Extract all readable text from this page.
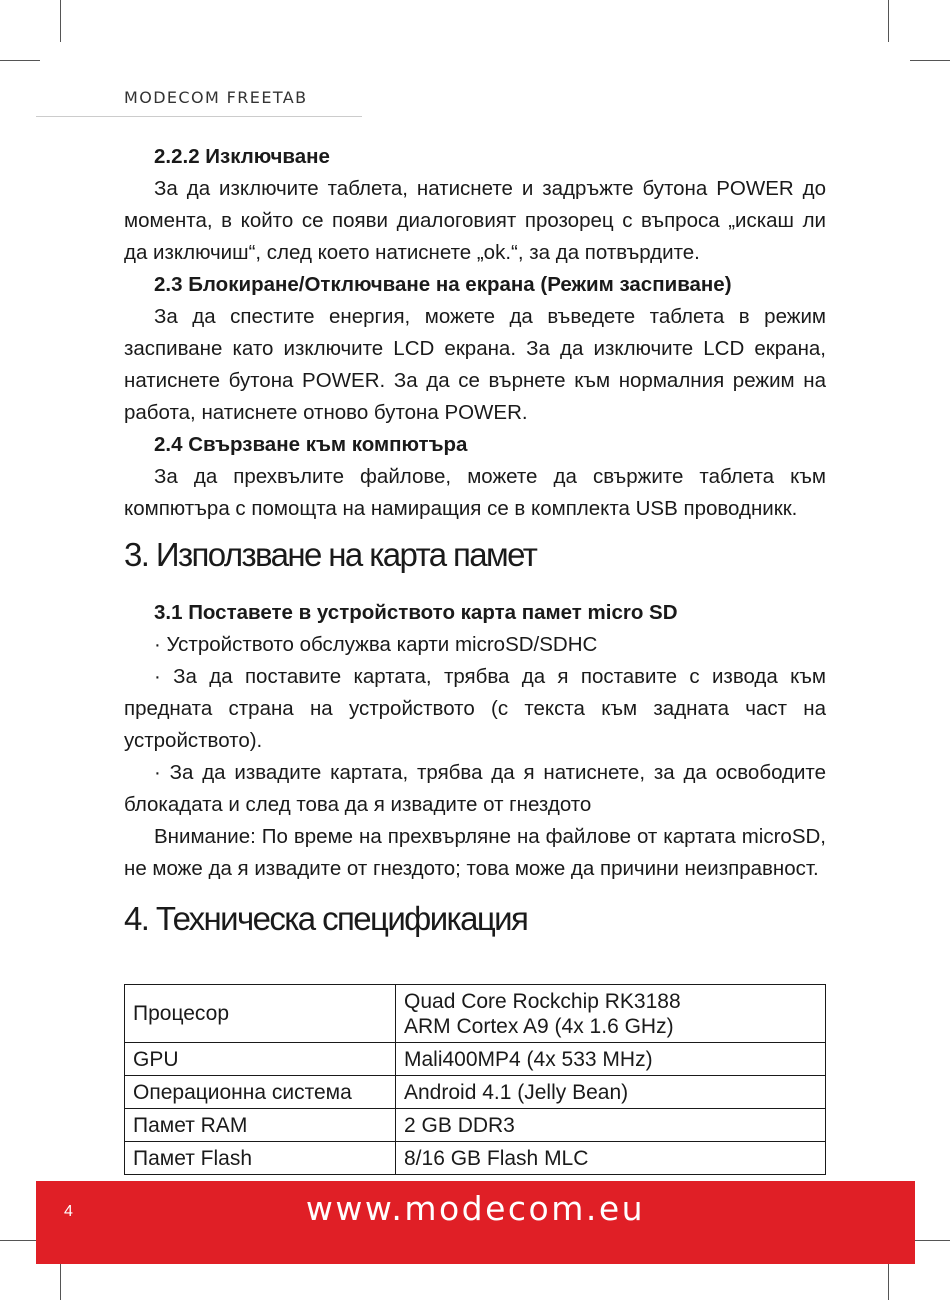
MODECOM FREETAB
2.2.2 Изключване

За да изключите таблета, натиснете и задръжте бутона POWER до момента, в който се появи диалоговият прозорец с въпроса „искаш ли да изключиш“, след което натиснете „ok.“, за да потвърдите.

2.3 Блокиране/Отключване на екрана (Режим заспиване)

За да спестите енергия, можете да въведете таблета в режим заспиване като изключите LCD екрана. За да изключите LCD екрана, натиснете бутона POWER. За да се върнете към нормалния режим на работа, натиснете отново бутона POWER.

2.4 Свързване към компютъра

За да прехвълите файлове, можете да свържите таблета към компютъра с помощта на намиращия се в комплекта USB проводникк.

3. Използване на карта памет
3.1 Поставете в устройството карта памет micro SD

· Устройството обслужва карти microSD/SDHC

· За да поставите картата, трябва да я поставите с извода към предната страна на устройството (с текста към задната част на устройството).

· За да извадите картата, трябва да я натиснете, за да освободите блокадата и след това да я извадите от гнездото

Внимание: По време на прехвърляне на файлове от картата microSD, не може да я извадите от гнездото; това може да причини неизправност.

4. Техническа спецификация
Процесор	Quad Core Rockchip RK3188
ARM Cortex A9 (4x 1.6 GHz)

GPU	Mali400MP4 (4x 533 MHz)
Операционна система	Android 4.1 (Jelly Bean)
Памет RAM	2 GB DDR3
Памет Flash	8/16 GB Flash MLC
4	www.modecom.eu
